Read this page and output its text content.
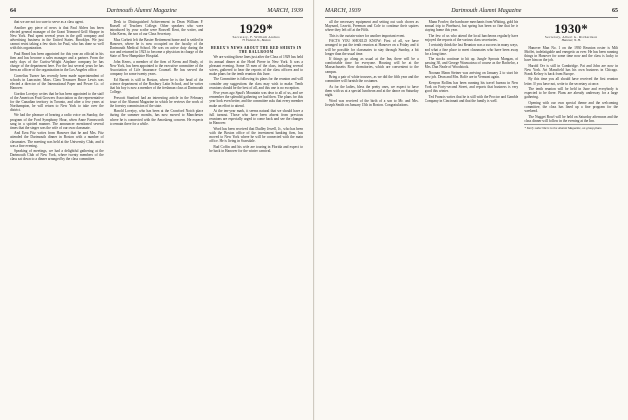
64	Dartmouth Alumni Magazine	MARCH, 1939

that we are not too sure to serve as a class agent.

Another gay piece of news is that Paul Ahlers has been elected general manager of the Grant Trimmed Grill Shoppe in New York. Paul spent several years in the grill company and advertising business in the United States. Brooklyn. We just cannot resist taking a few shots for Paul, who has done so well with this organization.

Paul Beard has been appointed for this year an official in his firm and has become a sales manager and a partner. From the early days of the Curtiss-Wright Airplane company he has charge of the department here. For the last several years he has been an officer of the organization in the Los Angeles office.

Cornelius Turner has recently been made superintendent of schools in Lancaster, Mass. Class Treasurer Bruce Lewis was elected a director of the International Paper and Power Co. of Hanover.

Gordon Lovejoy writes that he has been appointed to the staff of the American Fruit Growers Association as the representative for the Canadian territory in Toronto, and after a few years at Northampton, he will return to New York to take over the district.

We had the pleasure of hearing a radio voice on Sunday, the program of the Ford Symphony Hour, when Anne Farnsworth sang in a spirited manner. The announcer mentioned several times that the singer was the wife of our own classmate.

And Ezra Fitz writes from Hanover that he and Mrs. Fitz attended the Dartmouth dinner in Boston with a number of classmates. The meeting was held at the University Club, and it was a fine evening.

Speaking of meetings, we had a delightful gathering at the Dartmouth Club of New York, where twenty members of the class sat down to a dinner arranged by the class committee.

Desk to Distinguished Achievement in Dean William F. Russell of Teachers College. Other speakers who were introduced by your scribe were Roswell Kent, the writer, and John Kerns, the son of our Class Secretary.

Max Corbett left the Baxter Retirement home and is settled in Hanover, where he is now occupied on the faculty of the Dartmouth Medical School. He was on active duty during the war and returned in 1923 to become a physician in charge of the State of New Hampshire Hospital.

John Kerns, a member of the firm of Kerns and Brady, of New York, has been appointed to the executive committee of the Association of Life Insurance Counsel. He has served the company for some twenty years.

Ed Barrett is still in Boston, where he is the head of the science department of the Roxbury Latin School, and he writes that his boy is now a member of the freshman class at Dartmouth College.

Prescott Stanford had an interesting article in the February issue of the Alumni Magazine in which he reviews the work of the forestry commission of the state.

Harold Lovejoy, who has been at the Crawford Notch place during the summer months, has now moved to Manchester where he is connected with the Amoskeag concern. He expects to remain there for a while.

1929*
Secretary, F. William Andres
75 Federal St., Boston
HEREX'S NEWS ABOUT THE RED SHIRTS IN THE BALLROOM

We are writing these lines just after the Class of 1929 has held its annual dinner at the Hotel Pierre in New York. It was a pleasant evening. Some 35 men of the class, including several wives, gathered to hear the reports of the class officers and to make plans for the tenth reunion this June.

The Committee is following its plans for the reunion and will consider any suggestions the class may wish to make. Tenth reunions should be the best of all, and this one is no exception.

Five years ago Spud's Mountain was dear to all of us, and we remember the splendid gathering we had then. The plans for this year look even better, and the committee asks that every member make an effort to attend.

At the ten-year mark, it seems natural that we should have a full turnout. Those who have been absent from previous reunions are especially urged to come back and see the changes in Hanover.

Word has been received that Dudley Jewell, Jr., who has been with the Boston office of the investment banking firm, has moved to New York where he will be connected with the main office. He is living in Scarsdale.

Bud Coffin and his wife are touring in Florida and expect to be back in Hanover for the winter carnival.

MARCH, 1939	Dartmouth Alumni Magazine	65

all the necessary equipment and setting out such chores as Maynard, Leavitt, Freeman and Cole to continue their squires where they left off at the Fifth.

This is the curtain-raiser for another important event.

FACTS YOU SHOULD KNOW: First of all, we have arranged to put the tenth reunion at Hanover on a Friday and it will be possible for classmates to stay through Sunday, a bit longer than the usual time.

If things go along as usual at the Inn, there will be a comfortable time for everyone. Housing will be at the Massachusetts Row dormitories, which are convenient to the campus.

Bring a pair of white trousers, as we did the fifth year and the committee will furnish the costumes.

As for the ladies, bless the pretty ones, we expect to have them with us at a special luncheon and at the dance on Saturday night.

Word was received of the birth of a son to Mr. and Mrs. Joseph Smith on January 15th in Boston. Congratulations.

Mann Fowler; the hardware merchants from Whiting, gold his annual trip to Pinehurst, but spring has been so fine that he is staying home this year.

The few of us who attend the local luncheons regularly have enjoyed the reports of the various class secretaries.

I certainly think the last Reunion was a success in many ways, and what a fine place to meet classmates who have been away for a long time.

The stocks continue to hit up. Jungle Sprouts Mangan, of passing 30, and George Wauwatosa of course as the Bachelor, a Mrs. Dan Neale of Woodstock.

Noonan Mann Steiner was arriving on January 2 to start his new job. Dean and Mrs. Rolfe are in Vermont again.

Kenyon Rollins has been running his travel bureau in New York on Forty-second Street, and reports that business is very good this winter.

Ted Francis writes that he is still with the Proctor and Gamble Company in Cincinnati and that the family is well.

1930*
Secretary, Albert G. Richardson
Hanover, N. H.

Hanover Man No. 1 on the 1930 Reunion roster is Milt Moffet, indefatigable and energetic as ever. He has been running things in Hanover for some time now and the class is lucky to have him on the job.

Harold Orr is still in Cambridge. Pat and John are now in New York. Art Mansfield has his own business in Chicago. Frank Kelsey is back from Europe.

By this time you all should have received the first reunion letter. If you have not, write to the secretary at once.

The tenth reunion will be held in June and everybody is expected to be there. Plans are already underway for a large gathering.

Opening with our own special theme and the welcoming committee, the class has lined up a fine program for the weekend.

The Nugget Bowl will be held on Saturday afternoon and the class dinner will follow in the evening at the Inn.

* Early subscribers to the Alumni Magazine, on group plans.
